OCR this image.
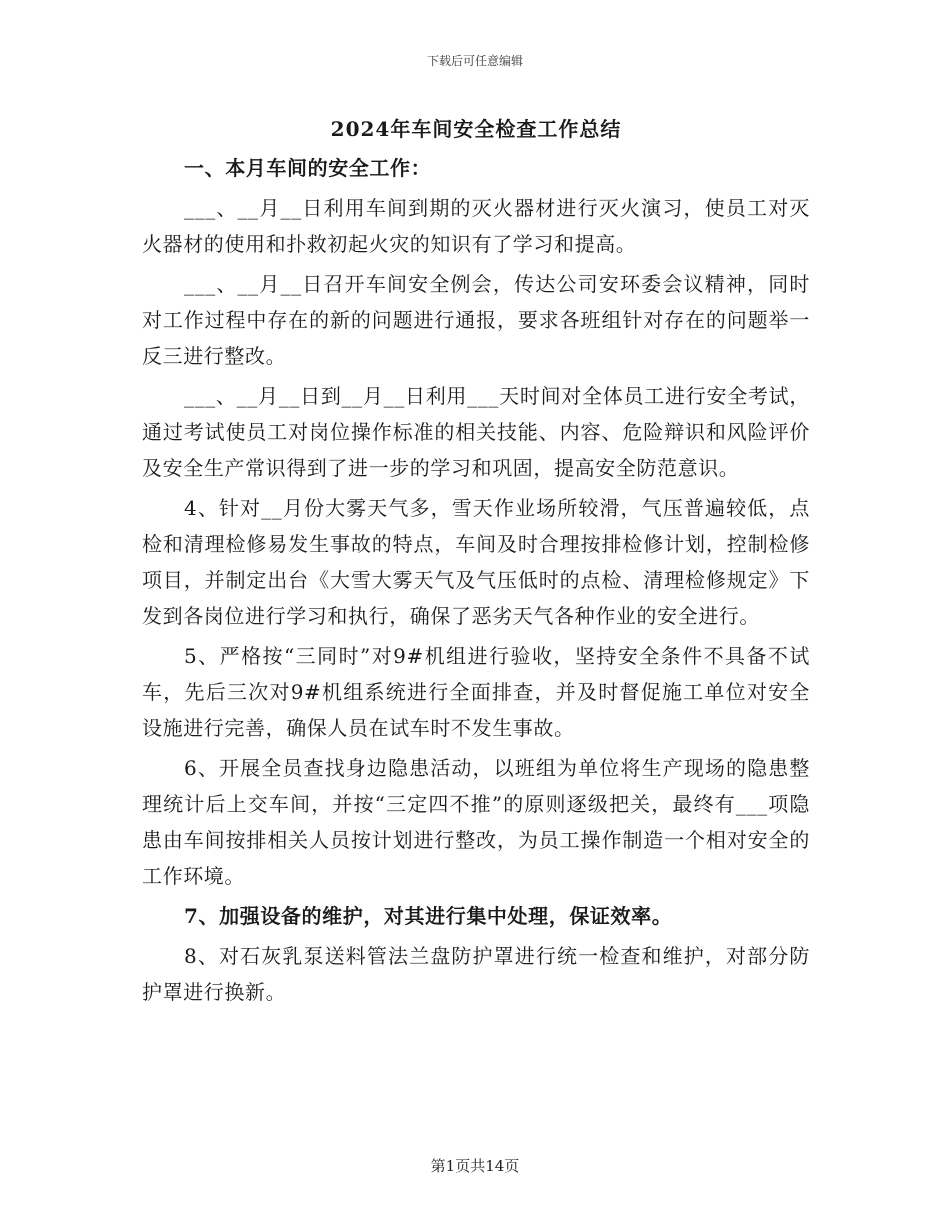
下载后可任意编辑
2024年车间安全检查工作总结
一、本月车间的安全工作：

___、__月__日利用车间到期的灭火器材进行灭火演习，使员工对灭火器材的使用和扑救初起火灾的知识有了学习和提高。

___、__月__日召开车间安全例会，传达公司安环委会议精神，同时对工作过程中存在的新的问题进行通报，要求各班组针对存在的问题举一反三进行整改。

___、__月__日到__月__日利用___天时间对全体员工进行安全考试，通过考试使员工对岗位操作标准的相关技能、内容、危险辩识和风险评价及安全生产常识得到了进一步的学习和巩固，提高安全防范意识。

4、针对__月份大雾天气多，雪天作业场所较滑，气压普遍较低，点检和清理检修易发生事故的特点，车间及时合理按排检修计划，控制检修项目，并制定出台《大雪大雾天气及气压低时的点检、清理检修规定》下发到各岗位进行学习和执行，确保了恶劣天气各种作业的安全进行。

5、严格按“三同时”对9#机组进行验收，坚持安全条件不具备不试车，先后三次对9#机组系统进行全面排查，并及时督促施工单位对安全设施进行完善，确保人员在试车时不发生事故。

6、开展全员查找身边隐患活动，以班组为单位将生产现场的隐患整理统计后上交车间，并按“三定四不推”的原则逐级把关，最终有___项隐患由车间按排相关人员按计划进行整改，为员工操作制造一个相对安全的工作环境。

7、加强设备的维护，对其进行集中处理，保证效率。

8、对石灰乳泵送料管法兰盘防护罩进行统一检查和维护，对部分防护罩进行换新。

第1页共14页
